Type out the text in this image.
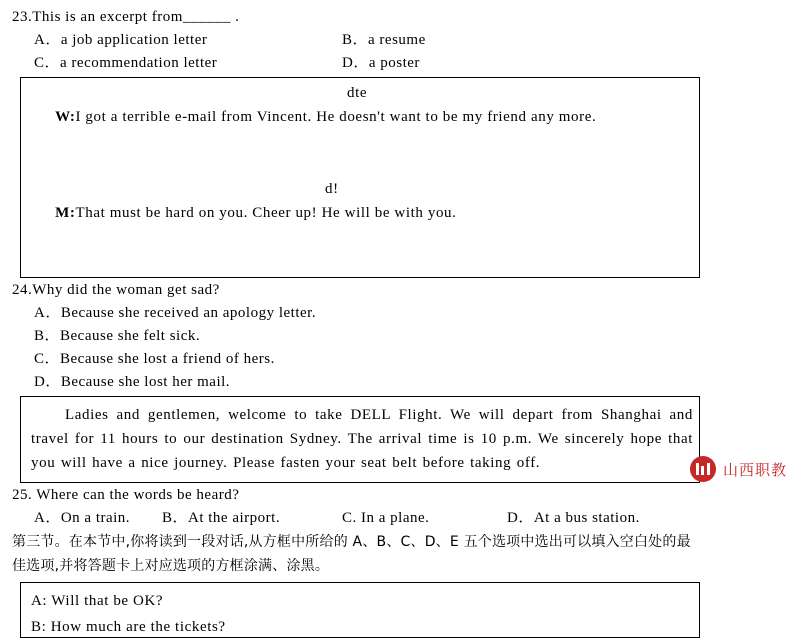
23.This is an excerpt from______ .
A．a job application letter	B．a resume
C．a recommendation letter	D．a poster

W:I got a terrible e-mail from Vincent. He doesn't want to be my friend any more.

dte

M:That must be hard on you. Cheer up! He will be with you.

d!

24.Why did the woman get sad?
A．Because she received an apology letter.
B．Because she felt sick.
C．Because she lost a friend of hers.
D．Because she lost her mail.
Ladies and gentlemen, welcome to take DELL Flight. We will depart from Shanghai and travel for 11 hours to our destination Sydney. The arrival time is 10 p.m. We sincerely hope that you will have a nice journey. Please fasten your seat belt before taking off.
25. Where can the words be heard?
A．On a train.	B．At the airport.	C. In a plane.	D．At a bus station.
第三节。在本节中,你将读到一段对话,从方框中所给的 A、B、C、D、E 五个选项中选出可以填入空白处的最佳选项,并将答题卡上对应选项的方框涂满、涂黑。
A: Will that be OK?
B: How much are the tickets?
山西职教
